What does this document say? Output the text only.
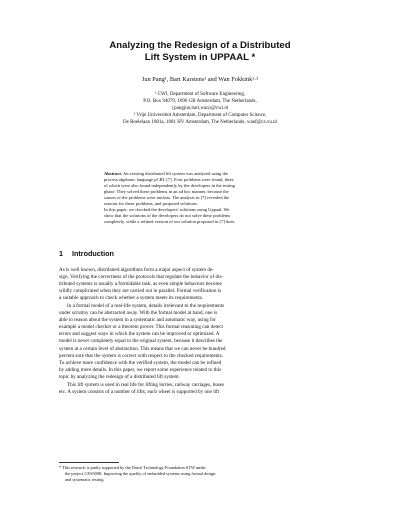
Analyzing the Redesign of a Distributed
Lift System in UPPAAL *
Jun Pang¹, Bart Karstens¹ and Wan Fokkink¹·²
¹ CWI, Department of Software Engineering,
P.O. Box 94079, 1090 GB Amsterdam, The Netherlands,
{pangjun,bart,wan}@cwi.nl
² Vrije Universiteit Amsterdam, Department of Computer Science,
De Boelelaan 1081a, 1081 HV Amsterdam, The Netherlands, wanf@cs.vu.nl
Abstract. An existing distributed lift system was analyzed using the
process algebraic language μCRL [7]. Four problems were found, three
of which were also found independently by the developers in the testing
phase. They solved these problems in an ad hoc manner, because the
causes of the problems were unclear. The analysis in [7] revealed the
reasons for these problems, and proposed solutions.
In this paper, we checked the developers' solutions using Uppaal. We
show that the solutions of the developers do not solve these problems
completely, while a refined version of our solution proposed in [7] does.
1 Introduction
As is well known, distributed algorithms form a major aspect of system de-
sign. Verifying the correctness of the protocols that regulate the behavior of dis-
tributed systems is usually a formidable task, as even simple behaviors become
wildly complicated when they are carried out in parallel. Formal verification is
a suitable approach to check whether a system meets its requirements.
In a formal model of a real-life system, details irrelevant to the requirements
under scrutiny can be abstracted away. With the formal model at hand, one is
able to reason about the system in a systematic and automatic way, using for
example a model checker or a theorem prover. This formal reasoning can detect
errors and suggest ways in which the system can be improved or optimized. A
model is never completely equal to the original system, because it describes the
system at a certain level of abstraction. This means that we can never be hundred
percent sure that the system is correct with respect to the checked requirements.
To achieve more confidence with the verified system, the model can be refined
by adding more details. In this paper, we report some experience related to this
topic by analyzing the redesign of a distributed lift system.
This lift system is used in real life for lifting lorries, railway carriages, buses
etc. A system consists of a number of lifts; each wheel is supported by one lift
* This research is partly supported by the Dutch Technology Foundation STW under
the project CES5008: Improving the quality of embedded systems using formal design
and systematic testing.
